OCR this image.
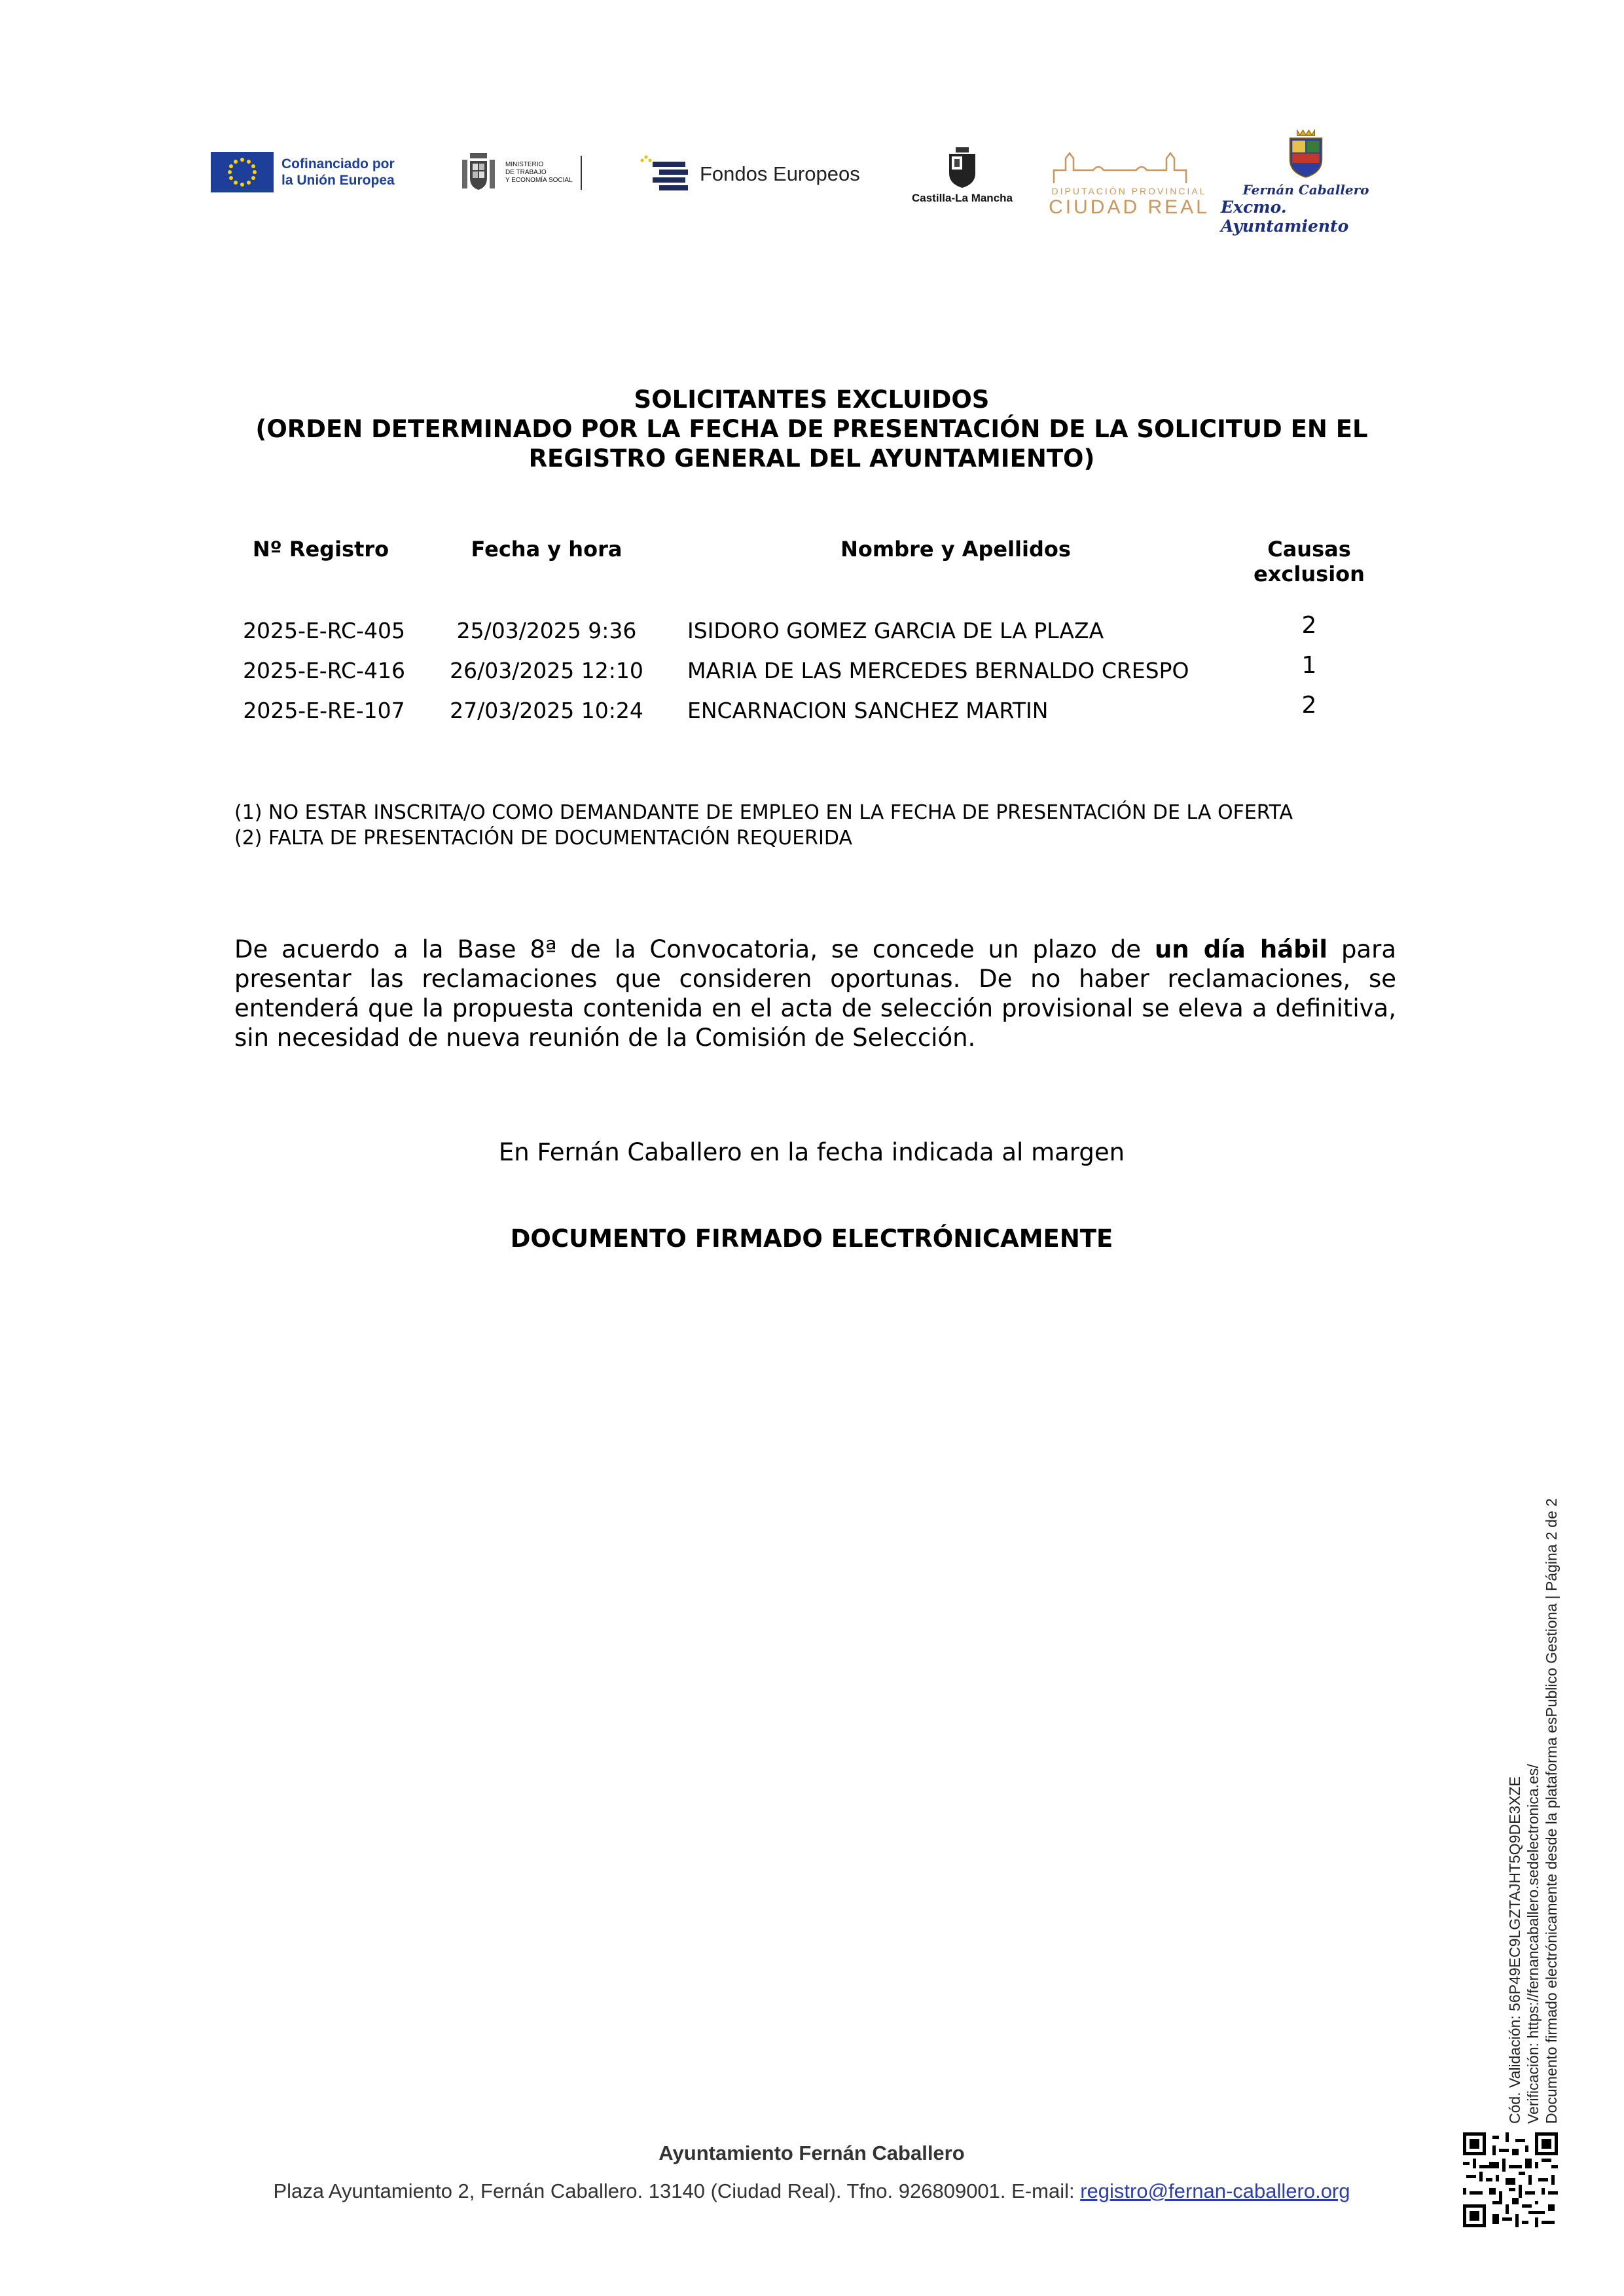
Cofinanciado por
la Unión Europea
MINISTERIO
DE TRABAJO
Y ECONOMÍA SOCIAL	Fondos Europeos
Castilla-La Mancha
DIPUTACIÓN PROVINCIAL
CIUDAD REAL
Fernán Caballero
Excmo. Ayuntamiento
SOLICITANTES EXCLUIDOS
(ORDEN DETERMINADO POR LA FECHA DE PRESENTACIÓN DE LA SOLICITUD EN EL
REGISTRO GENERAL DEL AYUNTAMIENTO)
Nº Registro	Fecha y hora	Nombre y Apellidos	Causas
exclusion
2025-E-RC-405	25/03/2025 9:36	ISIDORO GOMEZ GARCIA DE LA PLAZA	2
2025-E-RC-416	26/03/2025 12:10 MARIA DE LAS MERCEDES BERNALDO CRESPO	1
2025-E-RE-107	27/03/2025 10:24 ENCARNACION SANCHEZ MARTIN	2
(1) NO ESTAR INSCRITA/O COMO DEMANDANTE DE EMPLEO EN LA FECHA DE PRESENTACIÓN DE LA OFERTA
(2) FALTA DE PRESENTACIÓN DE DOCUMENTACIÓN REQUERIDA
De acuerdo a la Base 8ª de la Convocatoria, se concede un plazo de un día hábil para presentar las reclamaciones que consideren oportunas. De no haber reclamaciones, se entenderá que la propuesta contenida en el acta de selección provisional se eleva a definitiva, sin necesidad de nueva reunión de la Comisión de Selección.
En Fernán Caballero en la fecha indicada al margen
DOCUMENTO FIRMADO ELECTRÓNICAMENTE
Cód. Validación: 56P49EC9LGZTAJHT5Q9DE3XZE Verificación: https://fernancaballero.sedelectronica.es/ Documento firmado electrónicamente desde la plataforma esPublico Gestiona | Página 2 de 2
Ayuntamiento Fernán Caballero
Plaza Ayuntamiento 2, Fernán Caballero. 13140 (Ciudad Real). Tfno. 926809001. E-mail: registro@fernan-caballero.org
